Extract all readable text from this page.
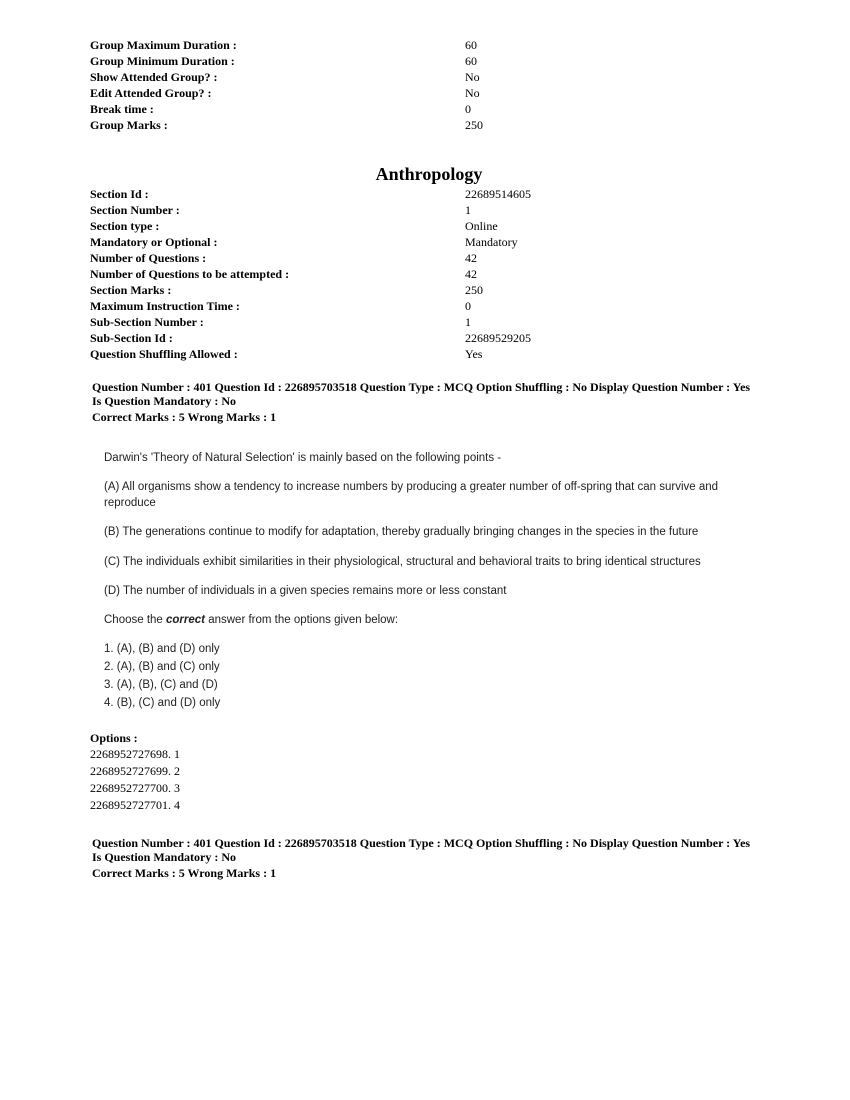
Group Maximum Duration :	60
Group Minimum Duration :	60
Show Attended Group? :	No
Edit Attended Group? :	No
Break time :	0
Group Marks :	250
Anthropology
Section Id :	22689514605
Section Number :	1
Section type :	Online
Mandatory or Optional :	Mandatory
Number of Questions :	42
Number of Questions to be attempted :	42
Section Marks :	250
Maximum Instruction Time :	0
Sub-Section Number :	1
Sub-Section Id :	22689529205
Question Shuffling Allowed :	Yes
Question Number : 401 Question Id : 226895703518 Question Type : MCQ Option Shuffling : No Display Question Number : Yes Is Question Mandatory : No
Correct Marks : 5 Wrong Marks : 1

Darwin's 'Theory of Natural Selection' is mainly based on the following points -

(A) All organisms show a tendency to increase numbers by producing a greater number of off-spring that can survive and reproduce

(B) The generations continue to modify for adaptation, thereby gradually bringing changes in the species in the future

(C) The individuals exhibit similarities in their physiological, structural and behavioral traits to bring identical structures

(D) The number of individuals in a given species remains more or less constant

Choose the correct answer from the options given below:

1. (A), (B) and (D) only
2. (A), (B) and (C) only
3. (A), (B), (C) and (D)
4. (B), (C) and (D) only
Options :
2268952727698. 1
2268952727699. 2
2268952727700. 3
2268952727701. 4
Question Number : 401 Question Id : 226895703518 Question Type : MCQ Option Shuffling : No Display Question Number : Yes Is Question Mandatory : No
Correct Marks : 5 Wrong Marks : 1
